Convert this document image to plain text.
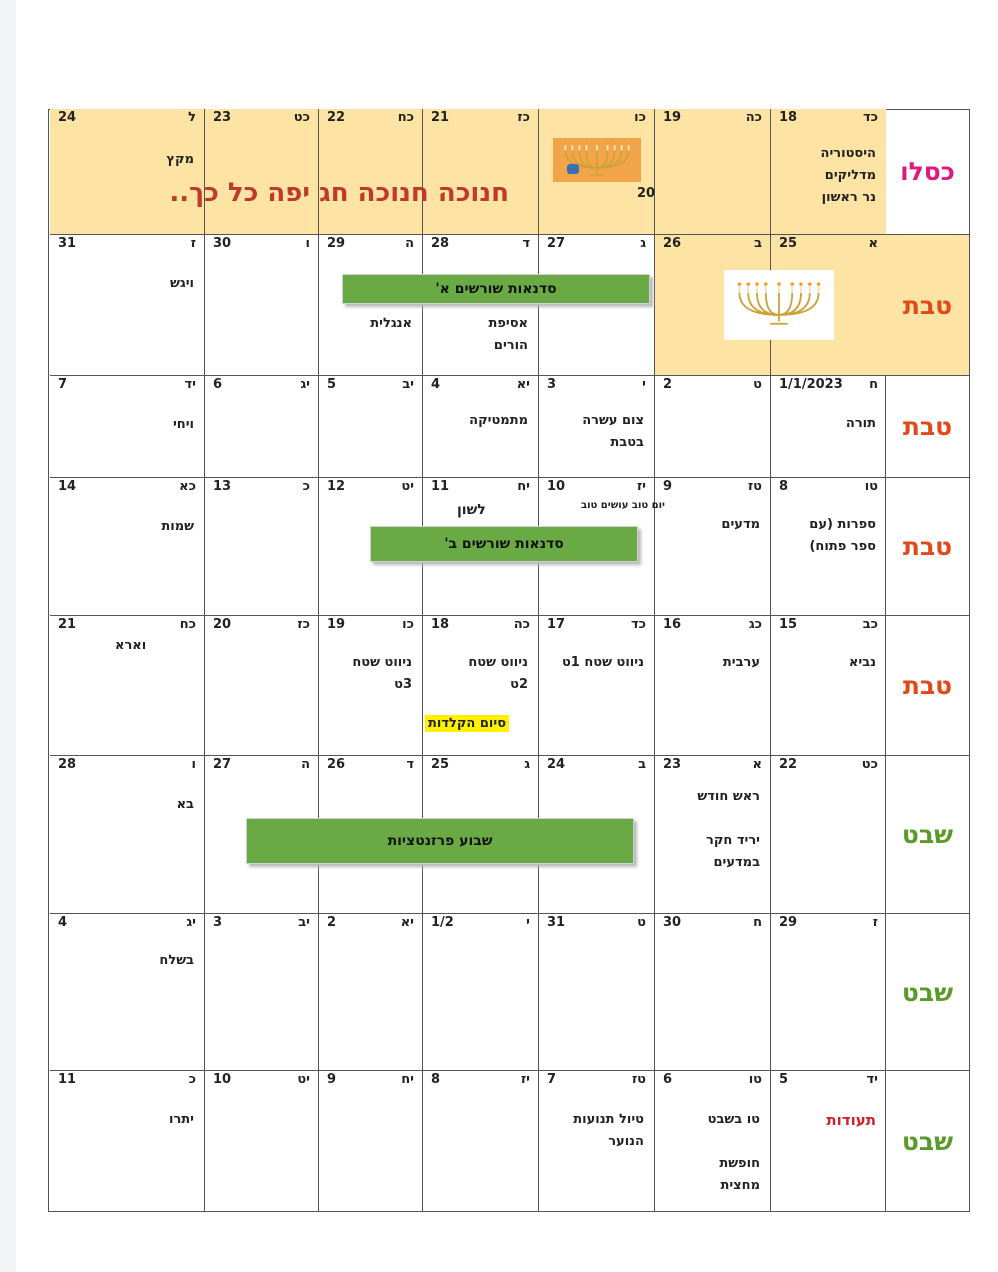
כסלו
כד
18
היסטוריה
מדליקים
נר ראשון
כה
19
כו
כז
21
כח
22
כט
23
ל
24
מקץ
טבת
א
25
ב
26
ג
27
ד
28

אסיפת
הורים
ה
29

אנגלית
ו
30
ז
31
ויגש
טבת
ח
1/1/2023

תורה
ט
2
י
3
צום עשרה
בטבת
יא
4
מתמטיקה
יב
5
יג
6
יד
7
ויחי
טבת
טו
8
ספרות (עם
ספר פתוח)
טז
9
מדעים
יז
10
יח
11
יט
12
כ
13
כא
14
שמות
טבת
כב
15
נביא
כג
16
ערבית
כד
17
ניווט שטח 1ט
כה
18
ניווט שטח
2ט
כו
19
ניווט שטח
3ט
כז
20
כח
21
שבט
כט
22
א
23
ראש חודש

יריד חקר
במדעים
ב
24
ג
25
ד
26
ה
27
ו
28
בא
שבט
ז
29
ח
30
ט
31
י
1/2
יא
2
יב
3
יג
4
בשלח
שבט
יד
5
תעודות
טו
6
טו בשבט

חופשת
מחצית
טז
7
טיול תנועות
הנוער
יז
8
יח
9
יט
10
כ
11
יתרו
סדנאות שורשים א'
סדנאות שורשים ב'
שבוע פרזנטציות
חנוכה חנוכה חג יפה כל כך..	20
יום טוב עושים טוב
לשון
וארא
סיום הקלדות
